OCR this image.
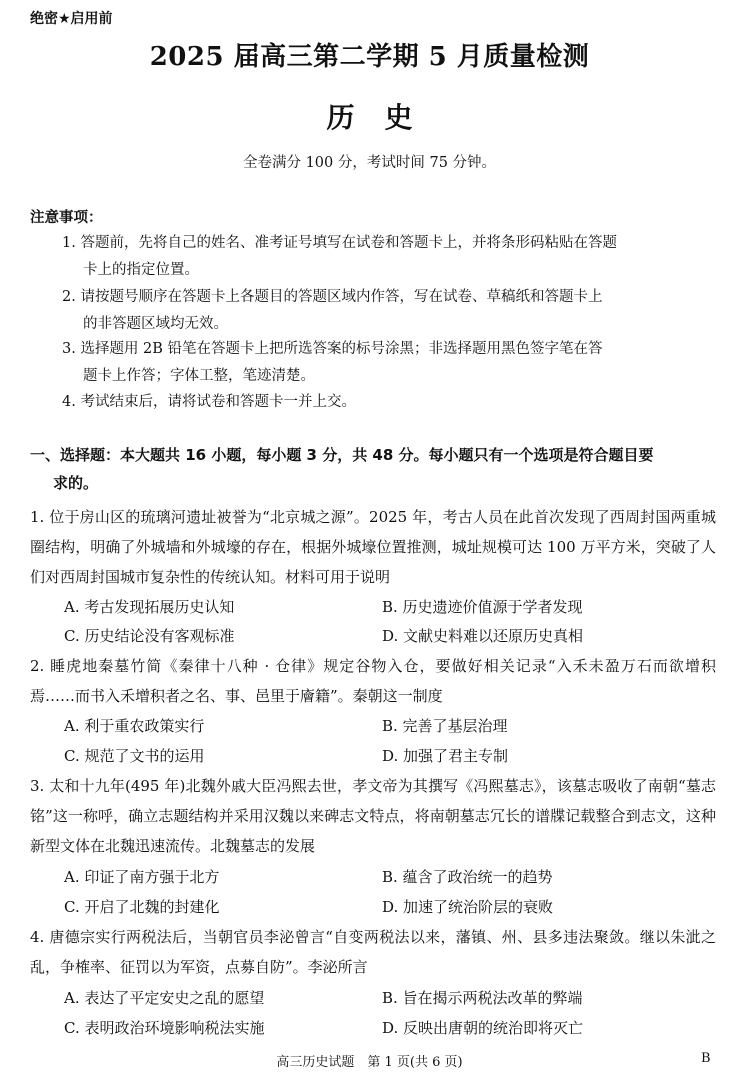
绝密★启用前
2025 届高三第二学期 5 月质量检测
历史
全卷满分 100 分，考试时间 75 分钟。
注意事项：
1. 答题前，先将自己的姓名、准考证号填写在试卷和答题卡上，并将条形码粘贴在答题
卡上的指定位置。
2. 请按题号顺序在答题卡上各题目的答题区域内作答，写在试卷、草稿纸和答题卡上
的非答题区域均无效。
3. 选择题用 2B 铅笔在答题卡上把所选答案的标号涂黑；非选择题用黑色签字笔在答
题卡上作答；字体工整，笔迹清楚。
4. 考试结束后，请将试卷和答题卡一并上交。
一、选择题：本大题共 16 小题，每小题 3 分，共 48 分。每小题只有一个选项是符合题目要
求的。
1. 位于房山区的琉璃河遗址被誉为“北京城之源”。2025 年，考古人员在此首次发现了西周封国两重城圈结构，明确了外城墙和外城壕的存在，根据外城壕位置推测，城址规模可达 100 万平方米，突破了人们对西周封国城市复杂性的传统认知。材料可用于说明
A. 考古发现拓展历史认知	B. 历史遗迹价值源于学者发现
C. 历史结论没有客观标准	D. 文献史料难以还原历史真相
2. 睡虎地秦墓竹简《秦律十八种 · 仓律》规定谷物入仓，要做好相关记录“入禾未盈万石而欲增积焉……而书入禾增积者之名、事、邑里于廥籍”。秦朝这一制度
A. 利于重农政策实行	B. 完善了基层治理
C. 规范了文书的运用	D. 加强了君主专制
3. 太和十九年(495 年)北魏外戚大臣冯熙去世，孝文帝为其撰写《冯熙墓志》，该墓志吸收了南朝“墓志铭”这一称呼，确立志题结构并采用汉魏以来碑志文特点，将南朝墓志冗长的谱牒记载整合到志文，这种新型文体在北魏迅速流传。北魏墓志的发展
A. 印证了南方强于北方	B. 蕴含了政治统一的趋势
C. 开启了北魏的封建化	D. 加速了统治阶层的衰败
4. 唐德宗实行两税法后，当朝官员李泌曾言“自变两税法以来，藩镇、州、县多违法聚敛。继以朱泚之乱，争榷率、征罚以为军资，点募自防”。李泌所言
A. 表达了平定安史之乱的愿望	B. 旨在揭示两税法改革的弊端
C. 表明政治环境影响税法实施	D. 反映出唐朝的统治即将灭亡
高三历史试题　第 1 页(共 6 页)	B
